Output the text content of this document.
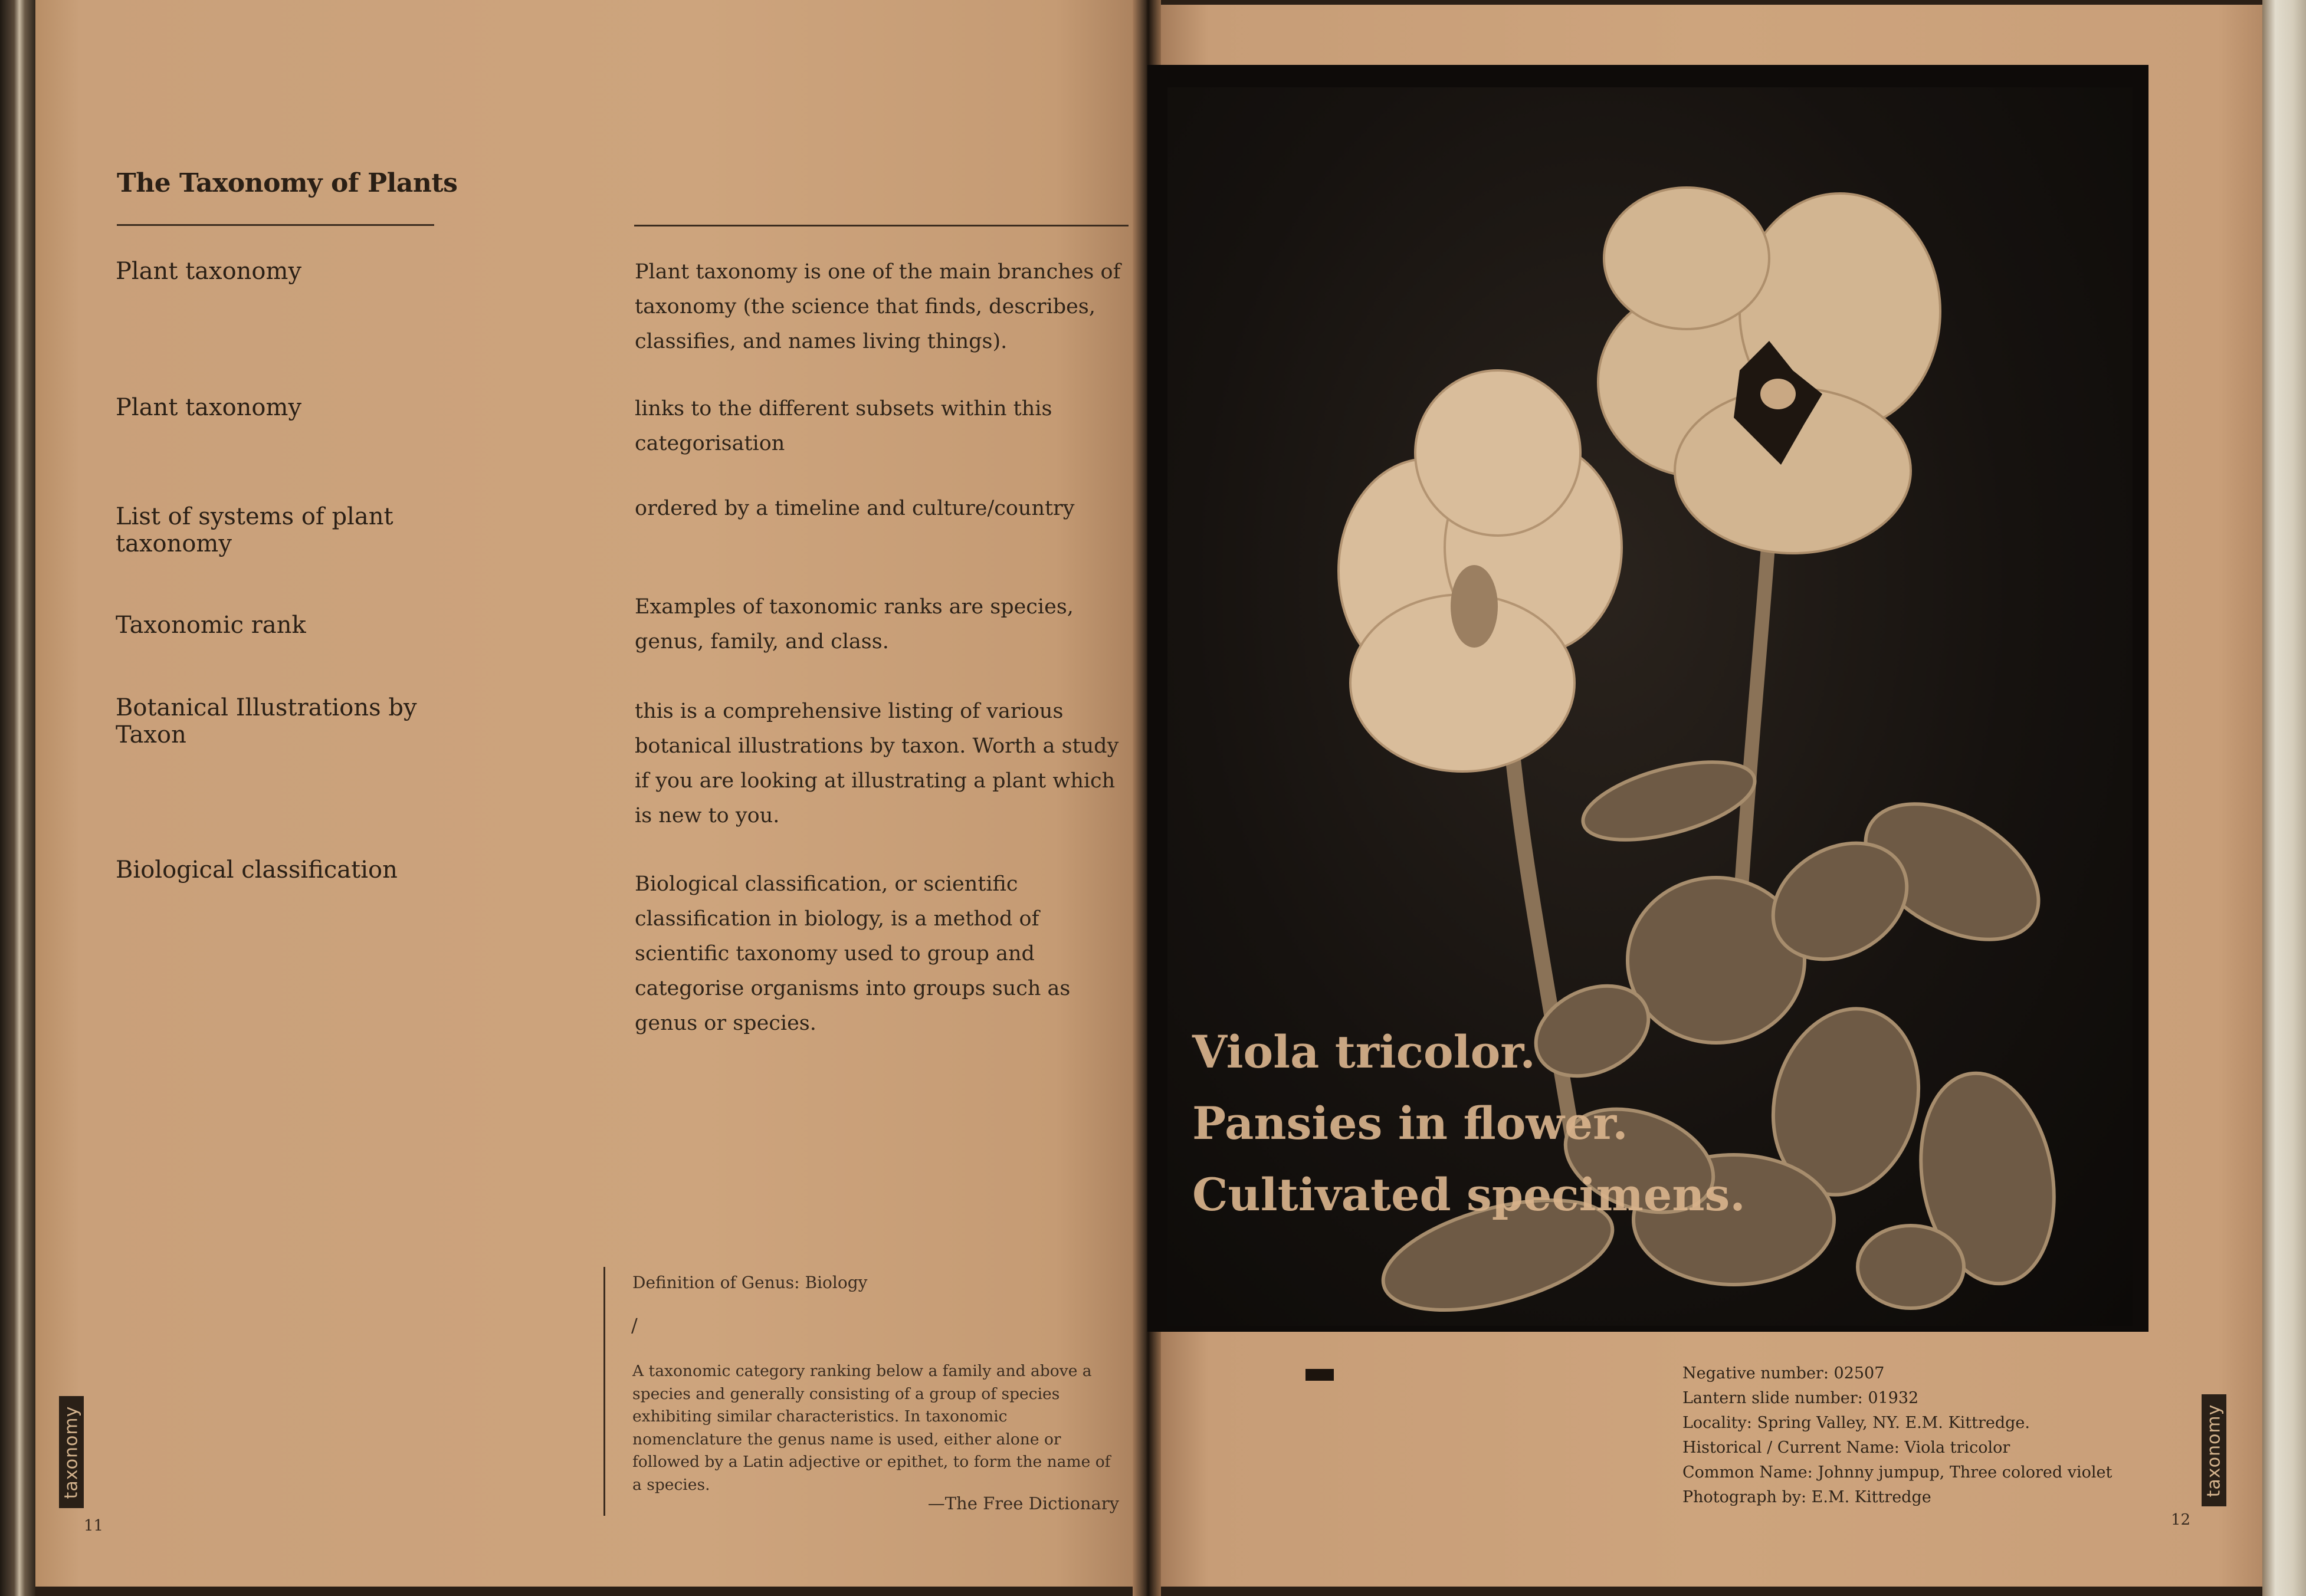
The Taxonomy of Plants
Plant taxonomy	Plant taxonomy is one of the main branches of taxonomy (the science that finds, describes, classifies, and names living things).
Plant taxonomy	links to the different subsets within this categorisation
List of systems of plant taxonomy
ordered by a timeline and culture/country
Taxonomic rank
Examples of taxonomic ranks are species, genus, family, and class.
Botanical Illustrations by Taxon
this is a comprehensive listing of various botanical illustrations by taxon. Worth a study if you are looking at illustrating a plant which is new to you.
Biological classification
Biological classification, or scientific classification in biology, is a method of scientific taxonomy used to group and categorise organisms into groups such as genus or species.
Definition of Genus: Biology
/
A taxonomic category ranking below a family and above a species and generally consisting of a group of species exhibiting similar characteristics. In taxonomic nomenclature the genus name is used, either alone or followed by a Latin adjective or epithet, to form the name of a species.
—The Free Dictionary
taxonomy
11
Viola tricolor.
Pansies in flower.
Cultivated specimens.
Negative number: 02507
Lantern slide number: 01932
Locality: Spring Valley, NY. E.M. Kittredge.
Historical / Current Name: Viola tricolor
Common Name: Johnny jumpup, Three colored violet
Photograph by: E.M. Kittredge
taxonomy
12
